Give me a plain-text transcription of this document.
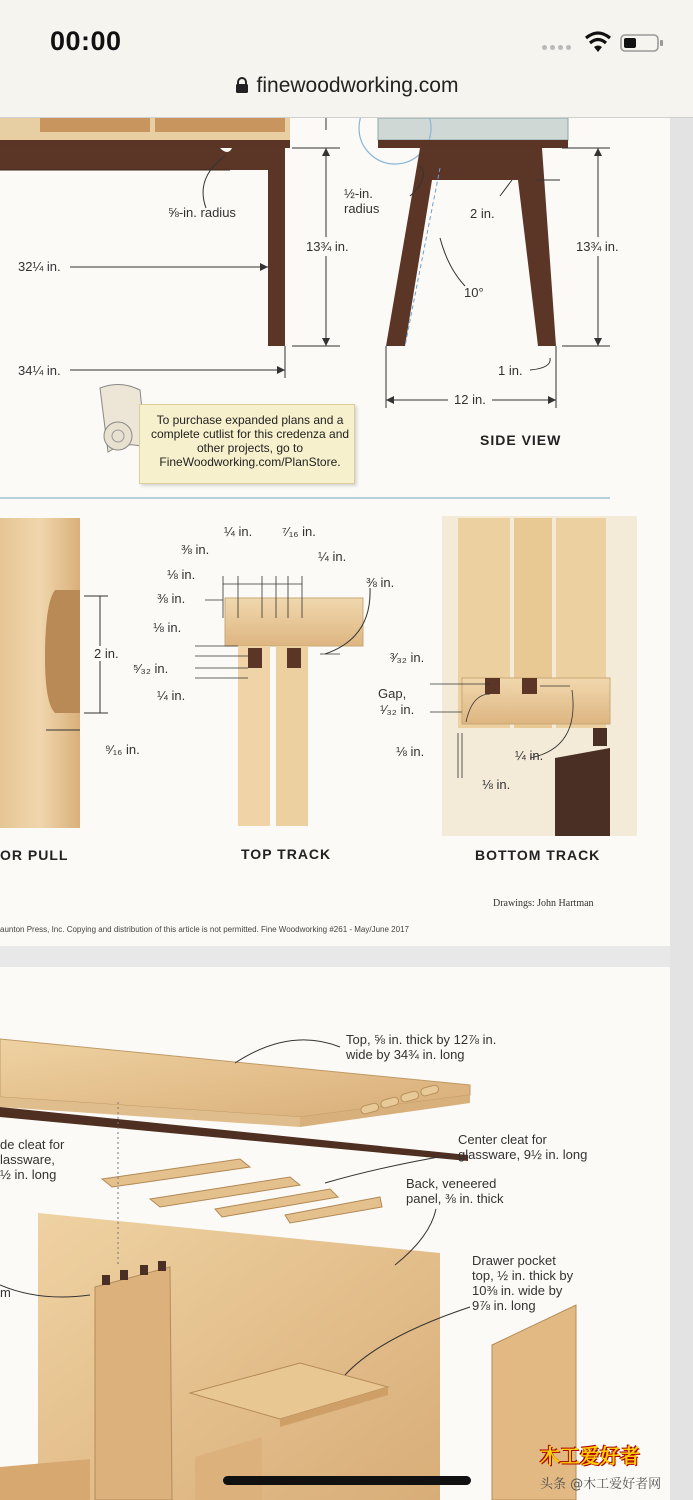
00:00
finewoodworking.com
⅝-in. radius
32¼ in.
34¼ in.
13¾ in.
½-in.
radius	2 in.
13¾ in.
10°
1 in.
12 in.
SIDE VIEW

To purchase expanded plans and a complete cutlist for this credenza and other projects, go to FineWoodworking.com/PlanStore.

2 in.
⁹⁄₁₆ in.
OR PULL
¼ in. ⁷⁄₁₆ in.
⅜ in.	¼ in.
⅛ in.
⅜ in.
⅜ in.
⅛ in.
⁵⁄₃₂ in.
¼ in.
TOP TRACK
³⁄₃₂ in.
Gap,
¹⁄₃₂ in.
⅛ in.	¼ in.
⅛ in.
BOTTOM TRACK
Drawings: John Hartman
aunton Press, Inc. Copying and distribution of this article is not permitted. Fine Woodworking #261 - May/June 2017
Top, ⅝ in. thick by 12⅞ in.
wide by 34¾ in. long
Center cleat for
glassware, 9½ in. long
Back, veneered
panel, ⅜ in. thick
de cleat for
lassware,
½ in. long
Drawer pocket
top, ½ in. thick by
10⅜ in. wide by
9⅞ in. long
m
木工爱好者
头条 @木工爱好者网
